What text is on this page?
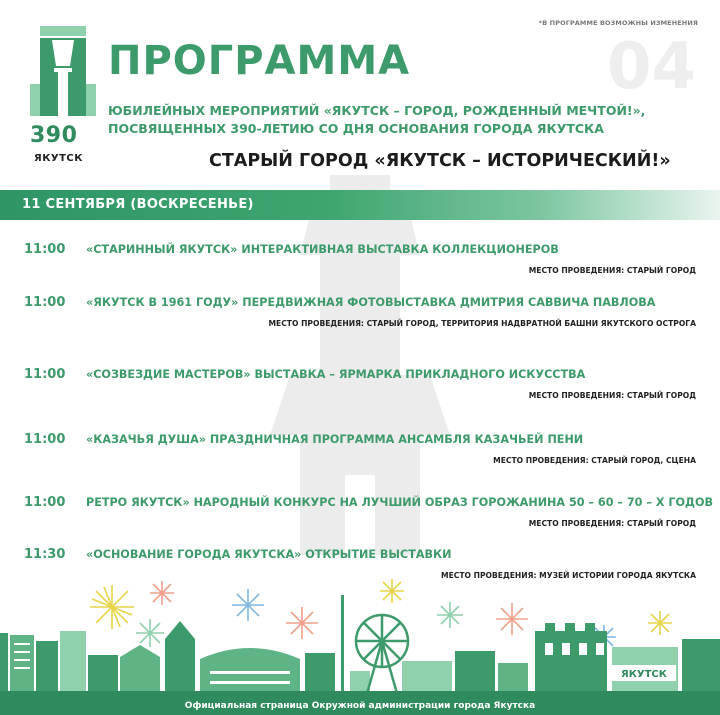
*В ПРОГРАММЕ ВОЗМОЖНЫ ИЗМЕНЕНИЯ
390
ЯКУТСК
ПРОГРАММА	04
ЮБИЛЕЙНЫХ МЕРОПРИЯТИЙ «ЯКУТСК – ГОРОД, РОЖДЕННЫЙ МЕЧТОЙ!»,
ПОСВЯЩЕННЫХ 390-ЛЕТИЮ СО ДНЯ ОСНОВАНИЯ ГОРОДА ЯКУТСКА
СТАРЫЙ ГОРОД «ЯКУТСК – ИСТОРИЧЕСКИЙ!»
11 СЕНТЯБРЯ (ВОСКРЕСЕНЬЕ)
11:00 «СТАРИННЫЙ ЯКУТСК» ИНТЕРАКТИВНАЯ ВЫСТАВКА КОЛЛЕКЦИОНЕРОВ
МЕСТО ПРОВЕДЕНИЯ: СТАРЫЙ ГОРОД
11:00 «ЯКУТСК В 1961 ГОДУ» ПЕРЕДВИЖНАЯ ФОТОВЫСТАВКА ДМИТРИЯ САВВИЧА ПАВЛОВА
МЕСТО ПРОВЕДЕНИЯ: СТАРЫЙ ГОРОД, ТЕРРИТОРИЯ НАДВРАТНОЙ БАШНИ ЯКУТСКОГО ОСТРОГА
11:00 «СОЗВЕЗДИЕ МАСТЕРОВ» ВЫСТАВКА – ЯРМАРКА ПРИКЛАДНОГО ИСКУССТВА
МЕСТО ПРОВЕДЕНИЯ: СТАРЫЙ ГОРОД
11:00 «КАЗАЧЬЯ ДУША» ПРАЗДНИЧНАЯ ПРОГРАММА АНСАМБЛЯ КАЗАЧЬЕЙ ПЕНИ
МЕСТО ПРОВЕДЕНИЯ: СТАРЫЙ ГОРОД, СЦЕНА
11:00 РЕТРО ЯКУТСК» НАРОДНЫЙ КОНКУРС НА ЛУЧШИЙ ОБРАЗ ГОРОЖАНИНА 50 – 60 – 70 – Х ГОДОВ
МЕСТО ПРОВЕДЕНИЯ: СТАРЫЙ ГОРОД
11:30 «ОСНОВАНИЕ ГОРОДА ЯКУТСКА» ОТКРЫТИЕ ВЫСТАВКИ
МЕСТО ПРОВЕДЕНИЯ: МУЗЕЙ ИСТОРИИ ГОРОДА ЯКУТСКА
ЯКУТСК
Официальная страница Окружной администрации города Якутска
